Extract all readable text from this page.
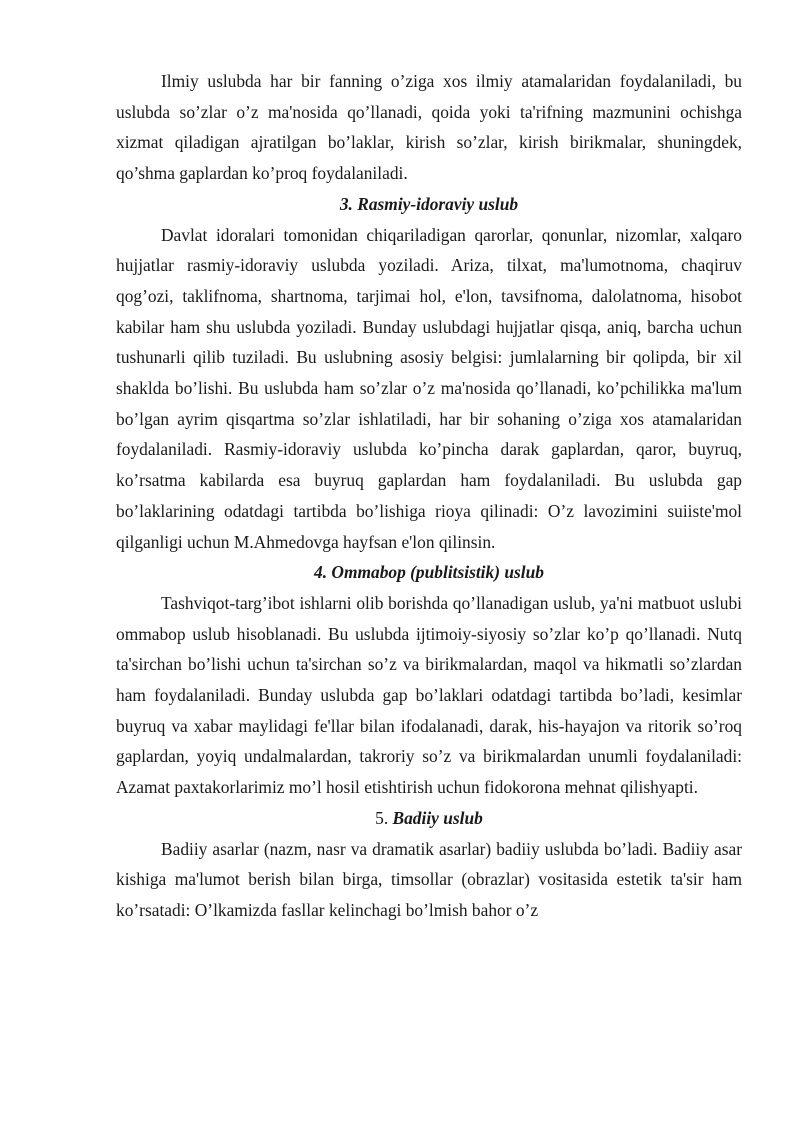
Ilmiy uslubda har bir fanning o’ziga xos ilmiy atamalaridan foydalaniladi, bu uslubda so’zlar o’z ma'nosida qo’llanadi, qoida yoki ta'rifning mazmunini ochishga xizmat qiladigan ajratilgan bo’laklar, kirish so’zlar, kirish birikmalar, shuningdek, qo’shma gaplardan ko’proq foydalaniladi.

3. Rasmiy-idoraviy uslub

Davlat idoralari tomonidan chiqariladigan qarorlar, qonunlar, nizomlar, xalqaro hujjatlar rasmiy-idoraviy uslubda yoziladi. Ariza, tilxat, ma'lumotnoma, chaqiruv qog’ozi, taklifnoma, shartnoma, tarjimai hol, e'lon, tavsifnoma, dalolatnoma, hisobot kabilar ham shu uslubda yoziladi. Bunday uslubdagi hujjatlar qisqa, aniq, barcha uchun tushunarli qilib tuziladi. Bu uslubning asosiy belgisi: jumlalarning bir qolipda, bir xil shaklda bo’lishi. Bu uslubda ham so’zlar o’z ma'nosida qo’llanadi, ko’pchilikka ma'lum bo’lgan ayrim qisqartma so’zlar ishlatiladi, har bir sohaning o’ziga xos atamalaridan foydalaniladi. Rasmiy-idoraviy uslubda ko’pincha darak gaplardan, qaror, buyruq, ko’rsatma kabilarda esa buyruq gaplardan ham foydalaniladi. Bu uslubda gap bo’laklarining odatdagi tartibda bo’lishiga rioya qilinadi: O’z lavozimini suiiste'mol qilganligi uchun M.Ahmedovga hayfsan e'lon qilinsin.

4. Ommabop (publitsistik) uslub

Tashviqot-targ’ibot ishlarni olib borishda qo’llanadigan uslub, ya'ni matbuot uslubi ommabop uslub hisoblanadi. Bu uslubda ijtimoiy-siyosiy so’zlar ko’p qo’llanadi. Nutq ta'sirchan bo’lishi uchun ta'sirchan so’z va birikmalardan, maqol va hikmatli so’zlardan ham foydalaniladi. Bunday uslubda gap bo’laklari odatdagi tartibda bo’ladi, kesimlar buyruq va xabar maylidagi fe'llar bilan ifodalanadi, darak, his-hayajon va ritorik so’roq gaplardan, yoyiq undalmalardan, takroriy so’z va birikmalardan unumli foydalaniladi: Azamat paxtakorlarimiz mo’l hosil etishtirish uchun fidokorona mehnat qilishyapti.

5. Badiiy uslub

Badiiy asarlar (nazm, nasr va dramatik asarlar) badiiy uslubda bo’ladi. Badiiy asar kishiga ma'lumot berish bilan birga, timsollar (obrazlar) vositasida estetik ta'sir ham ko’rsatadi: O’lkamizda fasllar kelinchagi bo’lmish bahor o’z
